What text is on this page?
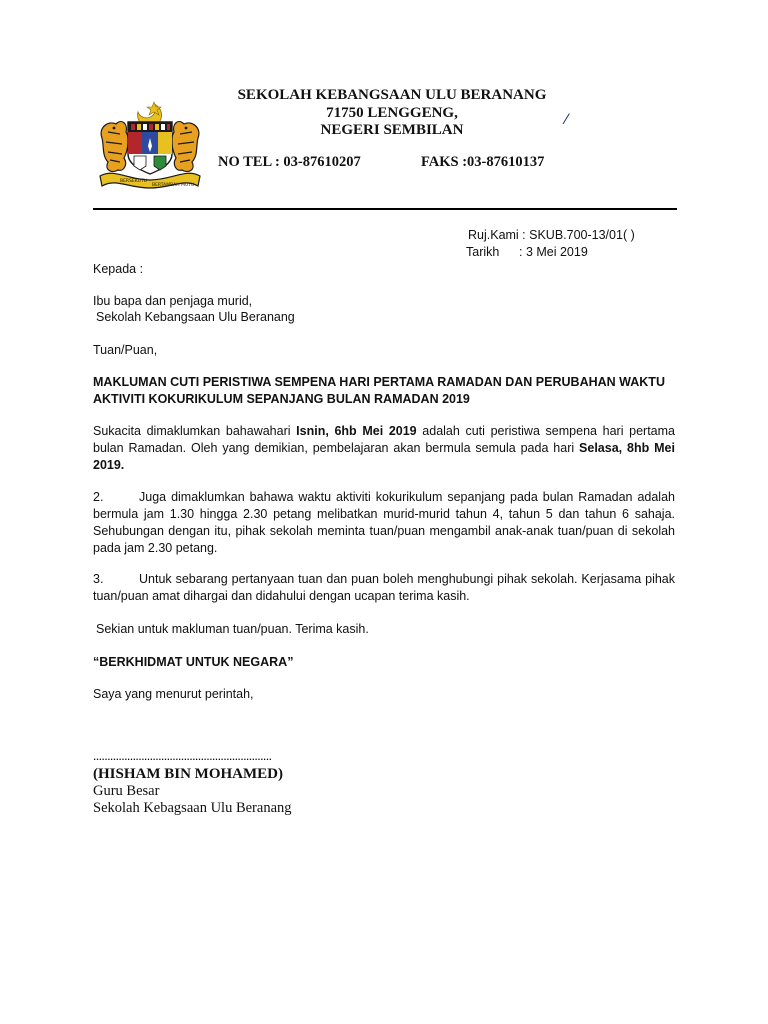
BERSEKUTU
BERTAMBAH MUTU
SEKOLAH KEBANGSAAN ULU BERANANG
71750 LENGGENG,
NEGERI SEMBILAN
NO TEL : 03-87610207	FAKS :03-87610137
⁄
Ruj.Kami : SKUB.700-13/01( )
Tarikh : 3 Mei 2019
Kepada :
Ibu bapa dan penjaga murid,
Sekolah Kebangsaan Ulu Beranang
Tuan/Puan,
MAKLUMAN CUTI PERISTIWA SEMPENA HARI PERTAMA RAMADAN DAN PERUBAHAN WAKTU AKTIVITI KOKURIKULUM SEPANJANG BULAN RAMADAN 2019
Sukacita dimaklumkan bahawahari Isnin, 6hb Mei 2019 adalah cuti peristiwa sempena hari pertama bulan Ramadan. Oleh yang demikian, pembelajaran akan bermula semula pada hari Selasa, 8hb Mei 2019.
2.	Juga dimaklumkan bahawa waktu aktiviti kokurikulum sepanjang pada bulan Ramadan adalah bermula jam 1.30 hingga 2.30 petang melibatkan murid-murid tahun 4, tahun 5 dan tahun 6 sahaja. Sehubungan dengan itu, pihak sekolah meminta tuan/puan mengambil anak-anak tuan/puan di sekolah pada jam 2.30 petang.
3.	Untuk sebarang pertanyaan tuan dan puan boleh menghubungi pihak sekolah. Kerjasama pihak tuan/puan amat dihargai dan didahului dengan ucapan terima kasih.
Sekian untuk makluman tuan/puan. Terima kasih.
“BERKHIDMAT UNTUK NEGARA”
Saya yang menurut perintah,
………………………………………………………
(HISHAM BIN MOHAMED)
Guru Besar
Sekolah Kebagsaan Ulu Beranang
